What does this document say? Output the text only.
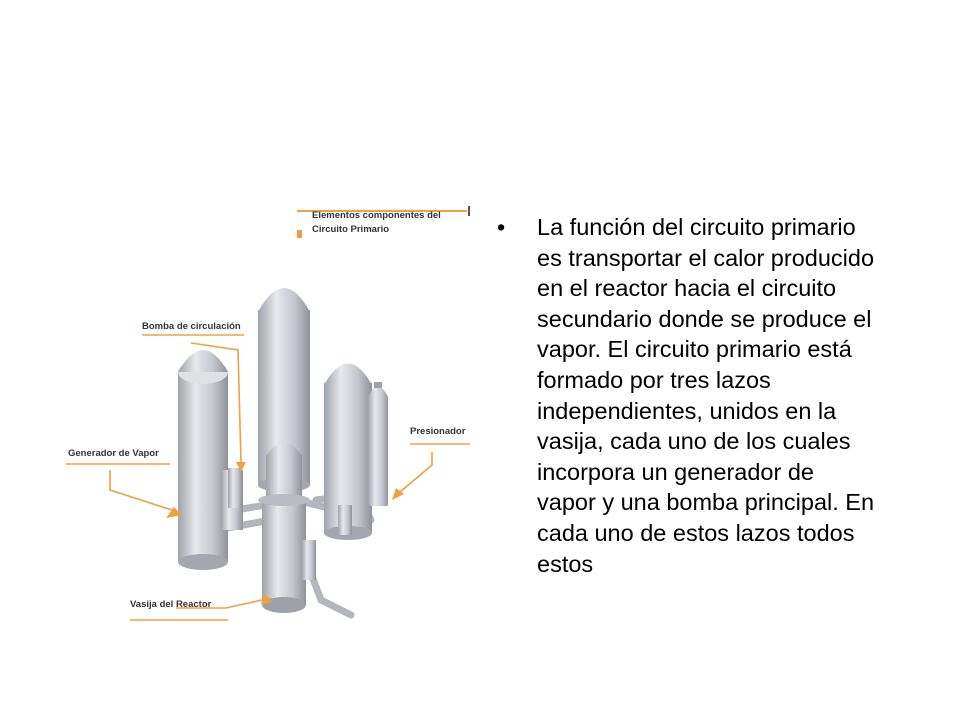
Elementos componentes del
Circuito Primario
Bomba de circulación
Generador de Vapor
Presionador
Vasija del Reactor
• La función del circuito primario es transportar el calor producido en el reactor hacia el circuito secundario donde se produce el vapor. El circuito primario está formado por tres lazos independientes, unidos en la vasija, cada uno de los cuales incorpora un generador de vapor y una bomba principal. En cada uno de estos lazos todos estos
